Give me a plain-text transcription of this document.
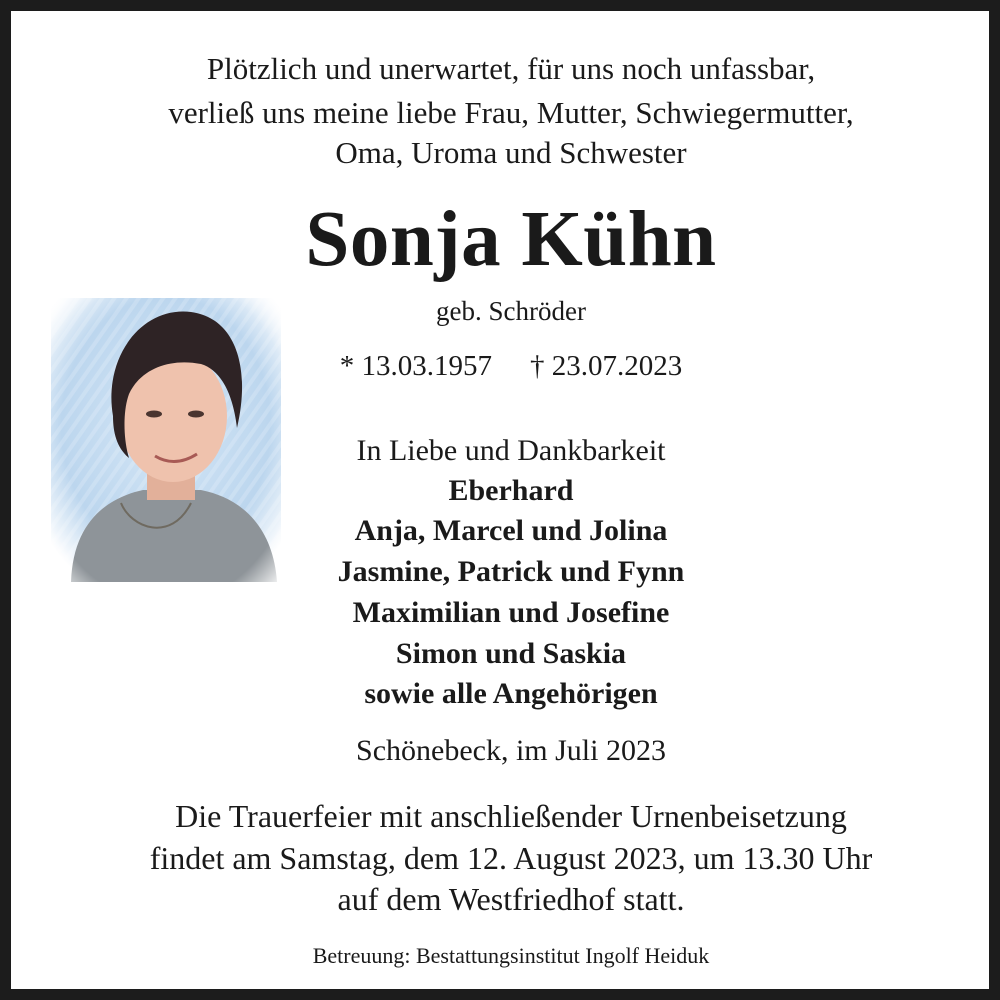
Plötzlich und unerwartet, für uns noch unfassbar,
verließ uns meine liebe Frau, Mutter, Schwiegermutter,
Oma, Uroma und Schwester
Sonja Kühn
geb. Schröder
* 13.03.1957 † 23.07.2023
In Liebe und Dankbarkeit
Eberhard
Anja, Marcel und Jolina
Jasmine, Patrick und Fynn
Maximilian und Josefine
Simon und Saskia
sowie alle Angehörigen
Schönebeck, im Juli 2023
Die Trauerfeier mit anschließender Urnenbeisetzung
findet am Samstag, dem 12. August 2023, um 13.30 Uhr
auf dem Westfriedhof statt.
Betreuung: Bestattungsinstitut Ingolf Heiduk
